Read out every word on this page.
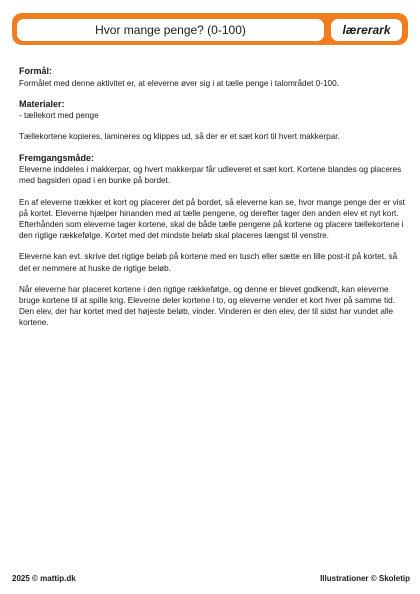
Hvor mange penge? (0-100)	lærerark
Formål:

Formålet med denne aktivitet er, at eleverne øver sig i at tælle penge i talområdet 0-100.

Materialer:

- tællekort med penge

Tællekortene kopieres, lamineres og klippes ud, så der er et sæt kort til hvert makkerpar.

Fremgangsmåde:

Eleverne inddeles i makkerpar, og hvert makkerpar får udleveret et sæt kort. Kortene blandes og placeres med bagsiden opad i en bunke på bordet.

En af eleverne trækker et kort og placerer det på bordet, så eleverne kan se, hvor mange penge der er vist på kortet. Eleverne hjælper hinanden med at tælle pengene, og derefter tager den anden elev et nyt kort. Efterhånden som eleverne tager kortene, skal de både tælle pengene på kortene og placere tællekortene i den rigtige rækkefølge. Kortet med det mindste beløb skal placeres længst til venstre.

Eleverne kan evt. skrive det rigtige beløb på kortene med en tusch eller sætte en lille post-it på kortet, så det er nemmere at huske de rigtige beløb.

Når eleverne har placeret kortene i den rigtige rækkefølge, og denne er blevet godkendt, kan eleverne bruge kortene til at spille krig. Eleverne deler kortene i to, og eleverne vender et kort hver på samme tid. Den elev, der har kortet med det højeste beløb, vinder. Vinderen er den elev, der til sidst har vundet alle kortene.

2025 © mattip.dk	Illustrationer © Skoletip
